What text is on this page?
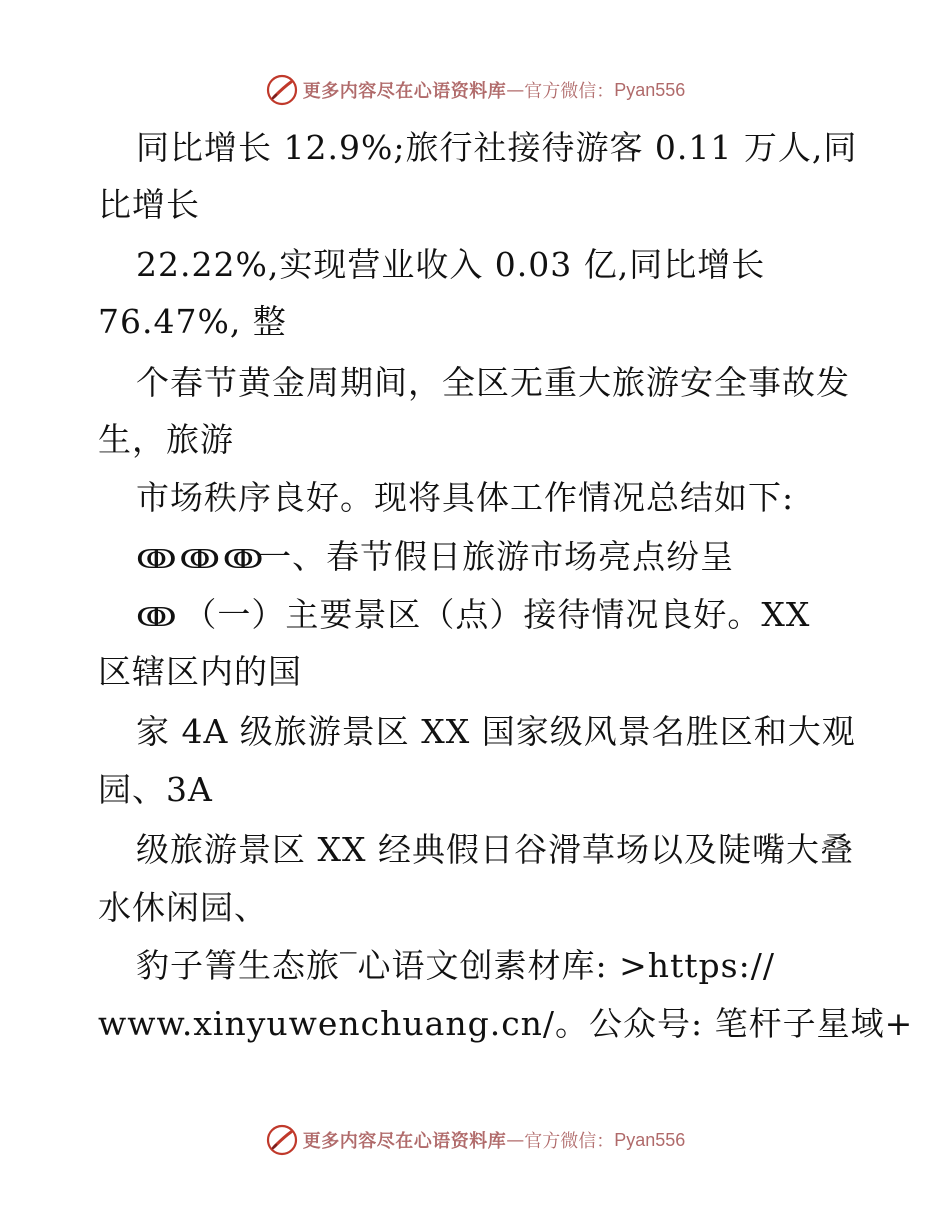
更多内容尽在心语资料库 — 官方微信： Pyan556
同比增长 12.9%;旅行社接待游客 0.11 万人,同
比增长
22.22%,实现营业收入 0.03 亿,同比增长
76.47%, 整
个春节黄金周期间，全区无重大旅游安全事故发
生，旅游
市场秩序良好。现将具体工作情况总结如下:
ↂↂↂ一、春节假日旅游市场亮点纷呈
ↂ （一）主要景区（点）接待情况良好。XX
区辖区内的国
家 4A 级旅游景区 XX 国家级风景名胜区和大观
园、3A
级旅游景区 XX 经典假日谷滑草场以及陡嘴大叠
水休闲园、
豹子箐生态旅‾心语文创素材库: >https://
www.xinyuwenchuang.cn/。公众号: 笔杆子星域+
更多内容尽在心语资料库 — 官方微信： Pyan556
